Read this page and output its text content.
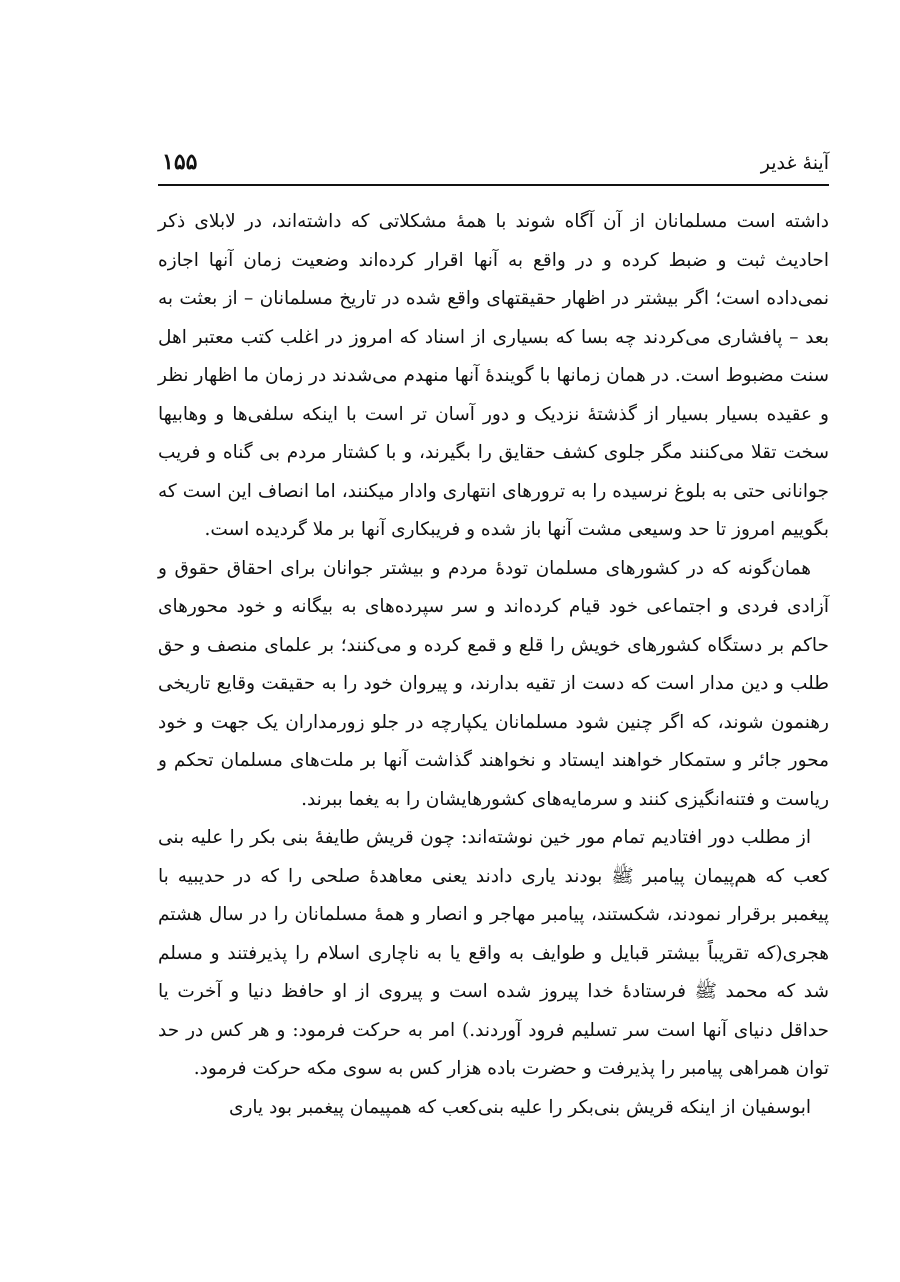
آینهٔ غدیر
۱۵۵

داشته است مسلمانان از آن آگاه شوند با همهٔ مشکلاتی که داشته‌اند، در لابلای ذکر احادیث ثبت و ضبط کرده و در واقع به آنها اقرار کرده‌اند وضعیت زمان آنها اجازه نمی‌داده است؛ اگر بیشتر در اظهار حقیقتهای واقع شده در تاریخ مسلمانان – از بعثت به بعد – پافشاری می‌کردند چه بسا که بسیاری از اسناد که امروز در اغلب کتب معتبر اهل سنت مضبوط است. در همان زمانها با گویندهٔ آنها منهدم می‌شدند در زمان ما اظهار نظر و عقیده بسیار بسیار از گذشتهٔ نزدیک و دور آسان تر است با اینکه سلفی‌ها و وهابیها سخت تقلا می‌کنند مگر جلوی کشف حقایق را بگیرند، و با کشتار مردم بی گناه و فریب جوانانی حتی به بلوغ نرسیده را به ترورهای انتهاری وادار میکنند، اما انصاف این است که بگوییم امروز تا حد وسیعی مشت آنها باز شده و فریبکاری آنها بر ملا گردیده است.

همان‌گونه که در کشورهای مسلمان تودهٔ مردم و بیشتر جوانان برای احقاق حقوق و آزادی فردی و اجتماعی خود قیام کرده‌اند و سر سپرده‌های به بیگانه و خود محورهای حاکم بر دستگاه کشورهای خویش را قلع و قمع کرده و می‌کنند؛ بر علمای منصف و حق طلب و دین مدار است که دست از تقیه بدارند، و پیروان خود را به حقیقت وقایع تاریخی رهنمون شوند، که اگر چنین شود مسلمانان یکپارچه در جلو زورمداران یک جهت و خود محور جائر و ستمکار خواهند ایستاد و نخواهند گذاشت آنها بر ملت‌های مسلمان تحکم و ریاست و فتنه‌انگیزی کنند و سرمایه‌های کشورهایشان را به یغما ببرند.

از مطلب دور افتادیم تمام مور خین نوشته‌اند: چون قریش طایفهٔ بنی بکر را علیه بنی کعب که هم‌پیمان پیامبر ﷺ بودند یاری دادند یعنی معاهدهٔ صلحی را که در حدیبیه با پیغمبر برقرار نمودند، شکستند، پیامبر مهاجر و انصار و همهٔ مسلمانان را در سال هشتم هجری(که تقریباً بیشتر قبایل و طوایف به واقع یا به ناچاری اسلام را پذیرفتند و مسلم شد که محمد ﷺ فرستادهٔ خدا پیروز شده است و پیروی از او حافظ دنیا و آخرت یا حداقل دنیای آنها است سر تسلیم فرود آوردند.) امر به حرکت فرمود: و هر کس در حد توان همراهی پیامبر را پذیرفت و حضرت باده هزار کس به سوی مکه حرکت فرمود.

ابوسفیان از اینکه قریش بنی‌بکر را علیه بنی‌کعب که همپیمان پیغمبر بود یاری
